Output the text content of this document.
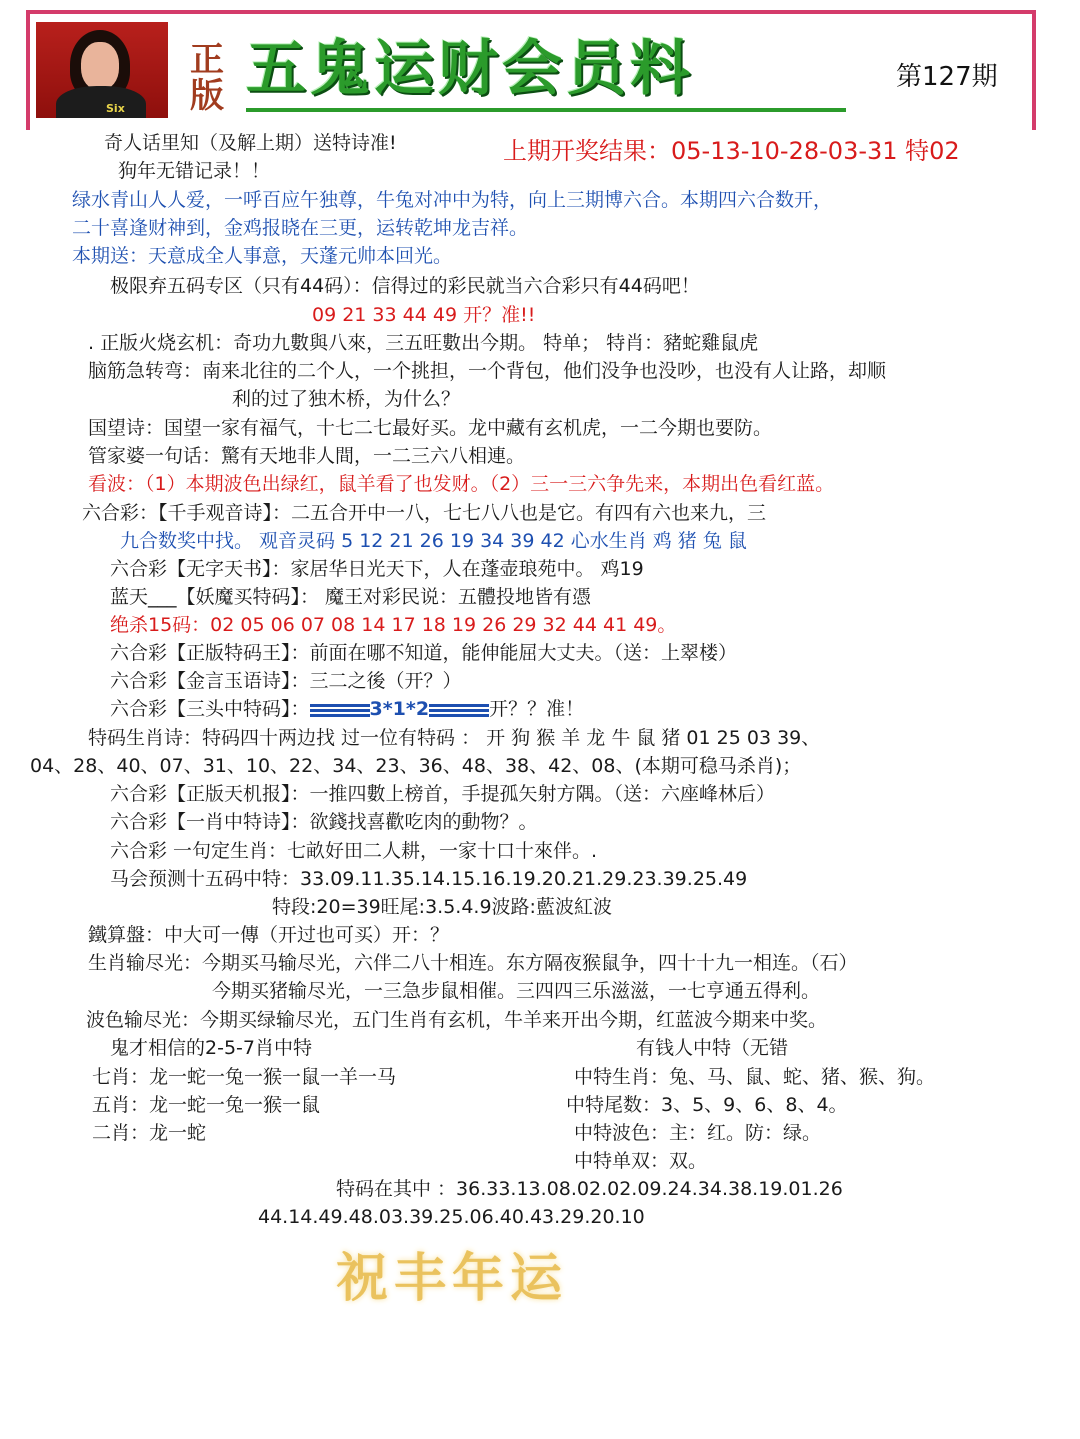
Six
正版 五鬼运财会员料	第127期
奇人话里知（及解上期）送特诗准!	上期开奖结果：05-13-10-28-03-31 特02
狗年无错记录！！
绿水青山人人爱，一呼百应午独尊，牛兔对冲中为特，向上三期博六合。本期四六合数开，
二十喜逢财神到，金鸡报晓在三更，运转乾坤龙吉祥。
本期送：天意成全人事意，天蓬元帅本回光。
极限弃五码专区（只有44码）：信得过的彩民就当六合彩只有44码吧！
09 21 33 44 49 开？准!!
. 正版火烧玄机：奇功九數與八來，三五旺數出今期。 特单； 特肖：豬蛇雞鼠虎
脑筋急转弯：南来北往的二个人，一个挑担，一个背包，他们没争也没吵，也没有人让路，却顺
利的过了独木桥，为什么？
国望诗：国望一家有福气，十七二七最好买。龙中藏有玄机虎，一二今期也要防。
管家婆一句话：驚有天地非人間，一二三六八相連。
看波：（1）本期波色出绿红，鼠羊看了也发财。（2）三一三六争先来，本期出色看红蓝。
六合彩：【千手观音诗】：二五合开中一八，七七八八也是它。有四有六也来九，三
九合数奖中找。 观音灵码 5 12 21 26 19 34 39 42 心水生肖 鸡 猪 兔 鼠
六合彩【无字天书】：家居华日光天下，人在蓬壶琅苑中。 鸡19
蓝天___【妖魔买特码】： 魔王对彩民说：五體投地皆有憑
绝杀15码：02 05 06 07 08 14 17 18 19 26 29 32 44 41 49。
六合彩【正版特码王】：前面在哪不知道，能伸能屈大丈夫。（送：上翠楼）
六合彩【金言玉语诗】：三二之後（开？）
六合彩【三头中特码】：	3*1*2	开？？准！
特码生肖诗：特码四十两边找 过一位有特码 ： 开 狗 猴 羊 龙 牛 鼠 猪 01 25 03 39、
04、28、40、07、31、10、22、34、23、36、48、38、42、08、(本期可稳马杀肖)；
六合彩【正版天机报】：一推四數上榜首，手提孤矢射方隅。（送：六座峰林后）
六合彩【一肖中特诗】：欲錢找喜歡吃肉的動物？。
六合彩 一句定生肖：七畝好田二人耕，一家十口十來伴。.
马会预测十五码中特：33.09.11.35.14.15.16.19.20.21.29.23.39.25.49
特段:20=39旺尾:3.5.4.9波路:藍波紅波
鐵算盤：中大可一傳（开过也可买）开：？
生肖输尽光：今期买马输尽光，六伴二八十相连。东方隔夜猴鼠争，四十十九一相连。（石）
今期买猪输尽光，一三急步鼠相催。三四四三乐滋滋，一七亨通五得利。
波色输尽光：今期买绿输尽光，五门生肖有玄机，牛羊来开出今期，红蓝波今期来中奖。
鬼才相信的2-5-7肖中特	有钱人中特（无错
七肖：龙一蛇一兔一猴一鼠一羊一马	中特生肖：兔、马、鼠、蛇、猪、猴、狗。
五肖：龙一蛇一兔一猴一鼠	中特尾数：3、5、9、6、8、4。
二肖：龙一蛇	中特波色：主：红。防：绿。
中特单双：双。
特码在其中 ：36.33.13.08.02.02.09.24.34.38.19.01.26
44.14.49.48.03.39.25.06.40.43.29.20.10
祝丰年运
